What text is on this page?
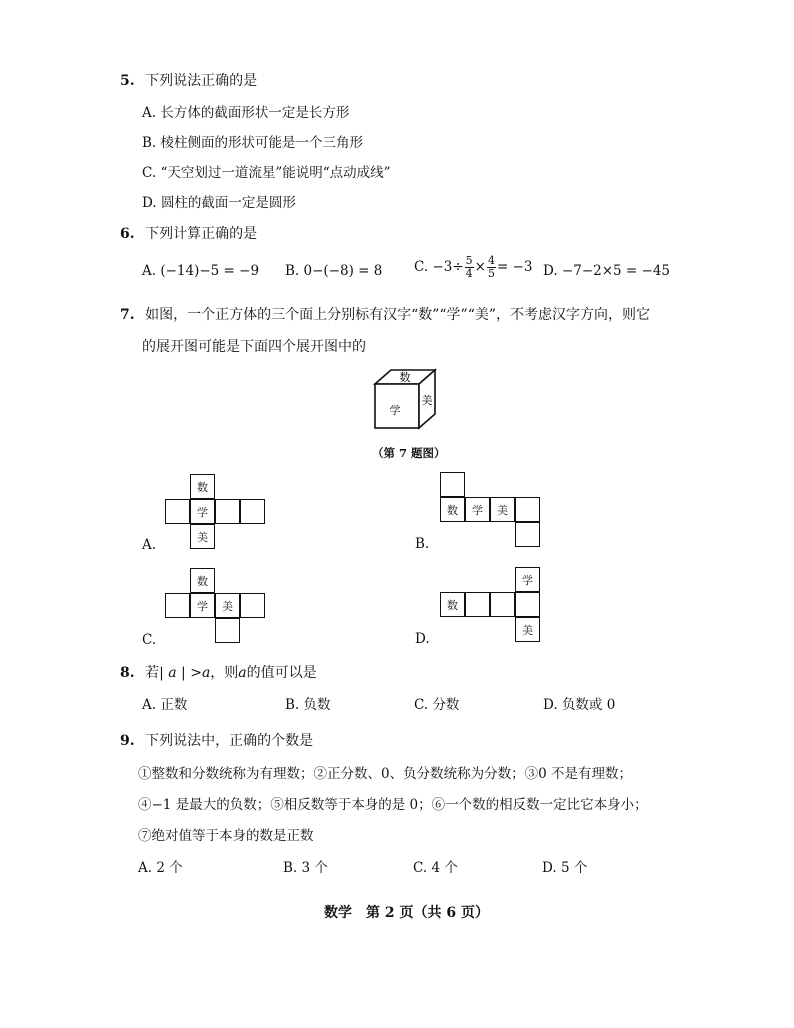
5. 下列说法正确的是
A. 长方体的截面形状一定是长方形
B. 棱柱侧面的形状可能是一个三角形
C. “天空划过一道流星”能说明“点动成线”
D. 圆柱的截面一定是圆形
6. 下列计算正确的是
A. (−14)−5 = −9 B. 0−(−8) = 8 C. $-3\div \frac{5}{4} \times \frac{4}{5} = -3$ D. −7−2×5 = −45
7. 如图，一个正方体的三个面上分别标有汉字“数”“学”“美”，不考虑汉字方向，则它
的展开图可能是下面四个展开图中的
数
学
美
（第 7 题图）
数
学
美
A.
数	学	美
B.
数
学	美
C.
学
数
美
D.
8. 若| a | >a，则a的值可以是
A. 正数	B. 负数	C. 分数	D. 负数或 0
9. 下列说法中，正确的个数是
①整数和分数统称为有理数；②正分数、0、负分数统称为分数；③0 不是有理数；
④−1 是最大的负数；⑤相反数等于本身的是 0；⑥一个数的相反数一定比它本身小；
⑦绝对值等于本身的数是正数
A. 2 个	B. 3 个	C. 4 个	D. 5 个
数学　第 2 页（共 6 页）
